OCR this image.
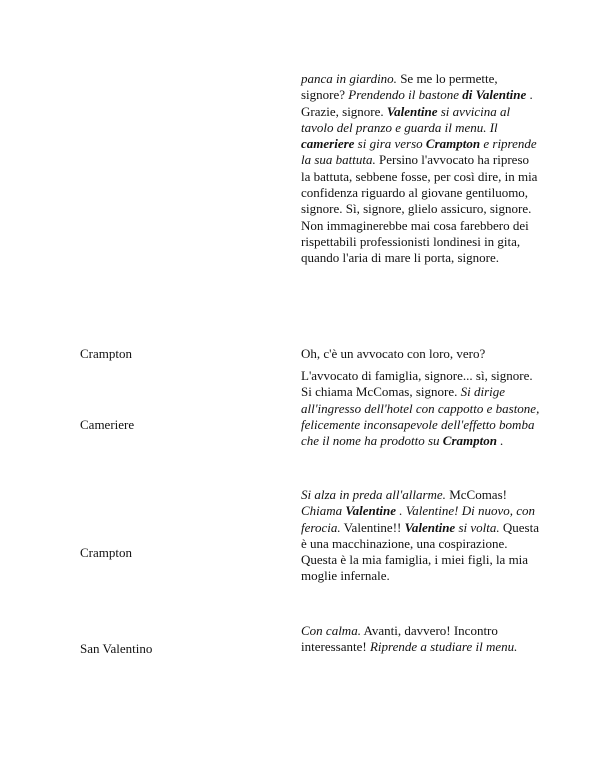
panca in giardino. Se me lo permette, signore? Prendendo il bastone di Valentine . Grazie, signore. Valentine si avvicina al tavolo del pranzo e guarda il menu. Il cameriere si gira verso Crampton e riprende la sua battuta. Persino l'avvocato ha ripreso la battuta, sebbene fosse, per così dire, in mia confidenza riguardo al giovane gentiluomo, signore. Sì, signore, glielo assicuro, signore. Non immaginerebbe mai cosa farebbero dei rispettabili professionisti londinesi in gita, quando l'aria di mare li porta, signore.

Crampton	Oh, c'è un avvocato con loro, vero?

Cameriere

L'avvocato di famiglia, signore... sì, signore. Si chiama McComas, signore. Si dirige all'ingresso dell'hotel con cappotto e bastone, felicemente inconsapevole dell'effetto bomba che il nome ha prodotto su Crampton .

Crampton

Si alza in preda all'allarme. McComas! Chiama Valentine . Valentine! Di nuovo, con ferocia. Valentine!! Valentine si volta. Questa è una macchinazione, una cospirazione. Questa è la mia famiglia, i miei figli, la mia moglie infernale.

San Valentino

Con calma. Avanti, davvero! Incontro interessante! Riprende a studiare il menu.
